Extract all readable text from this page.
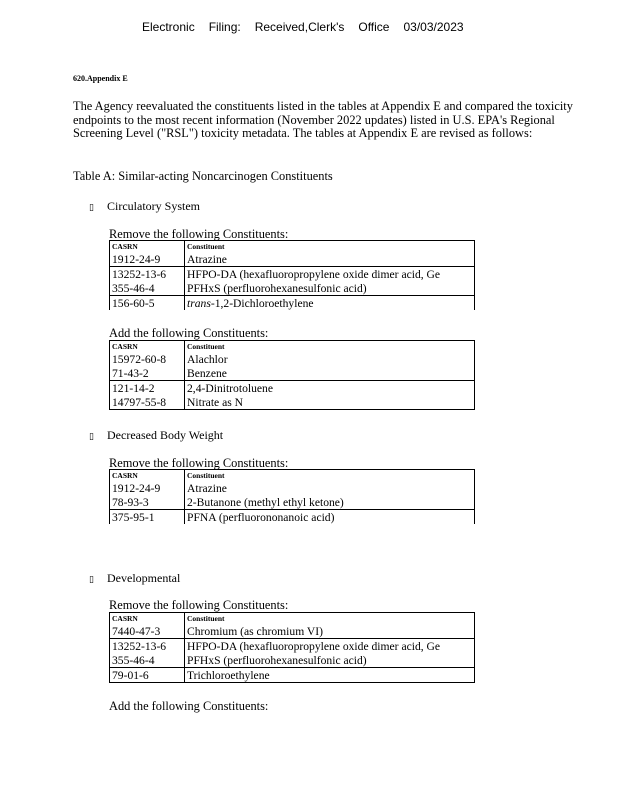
Electronic Filing: Received,Clerk's Office 03/03/2023
620.Appendix E
The Agency reevaluated the constituents listed in the tables at Appendix E and compared the toxicity endpoints to the most recent information (November 2022 updates) listed in U.S. EPA's Regional Screening Level ("RSL") toxicity metadata. The tables at Appendix E are revised as follows:
Table A: Similar-acting Noncarcinogen Constituents
▯ Circulatory System
Remove the following Constituents:
CASRN	Constituent
1912-24-9	Atrazine
13252-13-6	HFPO-DA (hexafluoropropylene oxide dimer acid, Ge
355-46-4	PFHxS (perfluorohexanesulfonic acid)
156-60-5	trans-1,2-Dichloroethylene
Add the following Constituents:
CASRN	Constituent
15972-60-8	Alachlor
71-43-2	Benzene
121-14-2	2,4-Dinitrotoluene
14797-55-8	Nitrate as N
▯ Decreased Body Weight
Remove the following Constituents:
CASRN	Constituent
1912-24-9	Atrazine
78-93-3	2-Butanone (methyl ethyl ketone)
375-95-1	PFNA (perfluorononanoic acid)
▯ Developmental
Remove the following Constituents:
CASRN	Constituent
7440-47-3	Chromium (as chromium VI)
13252-13-6	HFPO-DA (hexafluoropropylene oxide dimer acid, Ge
355-46-4	PFHxS (perfluorohexanesulfonic acid)
79-01-6	Trichloroethylene
Add the following Constituents:
